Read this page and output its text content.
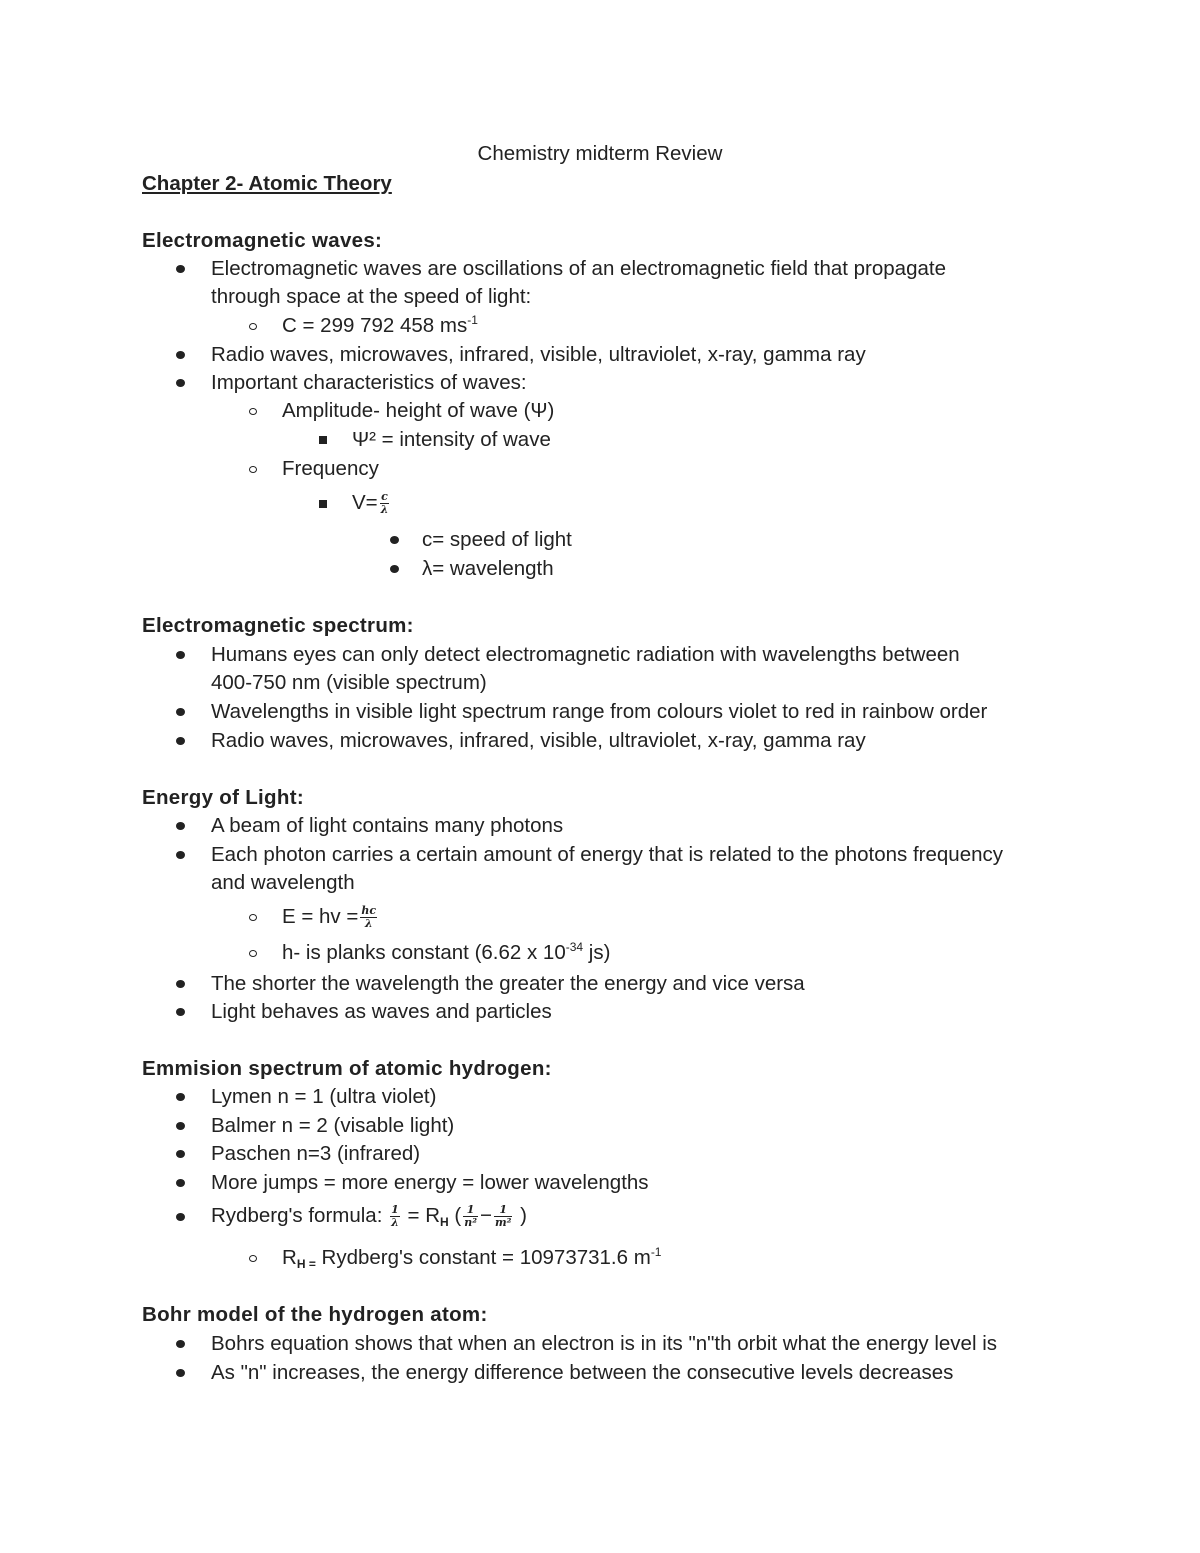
Chemistry midterm Review
Chapter 2- Atomic Theory
Electromagnetic waves:
Electromagnetic waves are oscillations of an electromagnetic field that propagate
through space at the speed of light:
C = 299 792 458 $ms^{-1}$
Radio waves, microwaves, infrared, visible, ultraviolet, x-ray, gamma ray
Important characteristics of waves:
Amplitude- height of wave (Ψ)
Ψ² = intensity of wave
Frequency
$V= \frac{c}{\lambda}$
c= speed of light
λ= wavelength
Electromagnetic spectrum:
Humans eyes can only detect electromagnetic radiation with wavelengths between
400-750 nm (visible spectrum)
Wavelengths in visible light spectrum range from colours violet to red in rainbow order
Radio waves, microwaves, infrared, visible, ultraviolet, x-ray, gamma ray
Energy of Light:
A beam of light contains many photons
Each photon carries a certain amount of energy that is related to the photons frequency
and wavelength
E = hv = $\frac{hc}{\lambda}$
h- is planks constant (6.62 x $10^{-34}$ js)
The shorter the wavelength the greater the energy and vice versa
Light behaves as waves and particles
Emmision spectrum of atomic hydrogen:
Lymen n = 1 (ultra violet)
Balmer n = 2 (visable light)
Paschen n=3 (infrared)
More jumps = more energy = lower wavelengths
Rydberg's formula: $\frac{1}{\lambda} = R_H$ ( $\frac{1}{\text{n²}} - \frac{1}{\text{m²}}$ )
$R_{H =}$ Rydberg's constant = 10973731.6 $m^{-1}$
Bohr model of the hydrogen atom:
Bohrs equation shows that when an electron is in its "n"th orbit what the energy level is
As "n" increases, the energy difference between the consecutive levels decreases
